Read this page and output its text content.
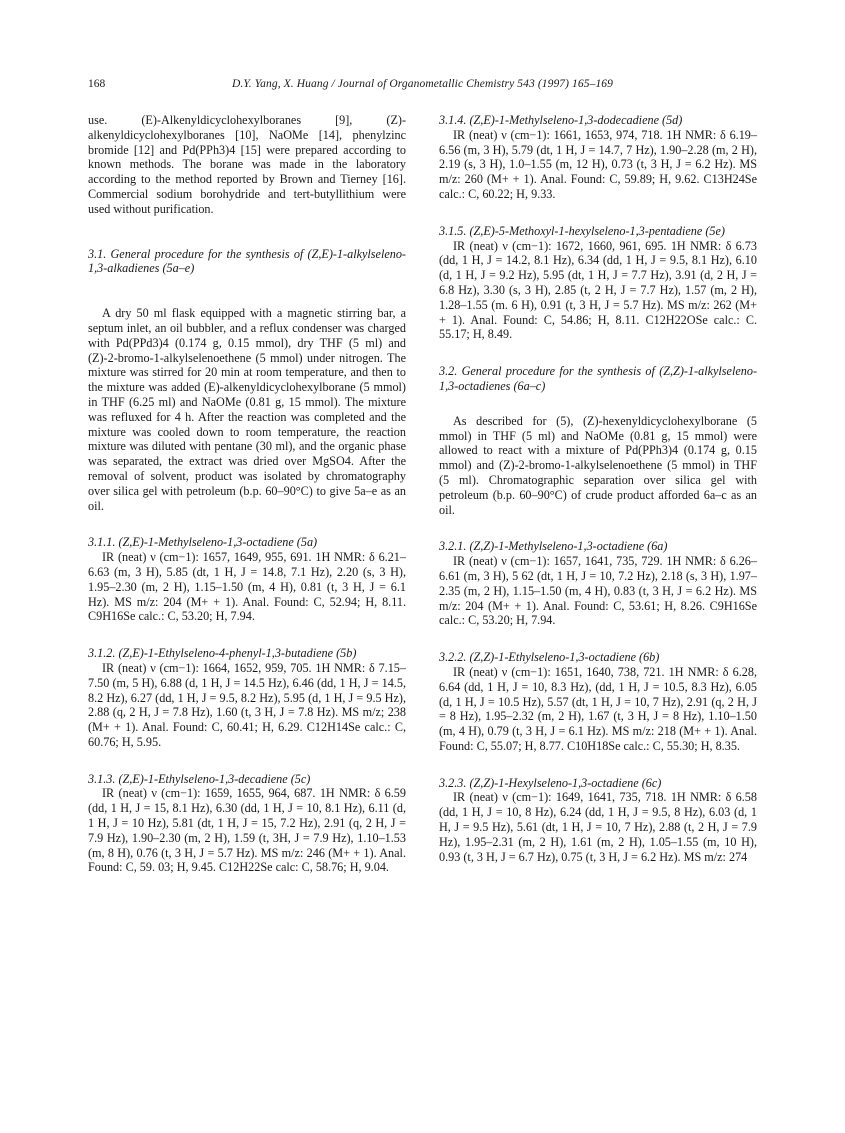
168	D.Y. Yang, X. Huang / Journal of Organometallic Chemistry 543 (1997) 165–169

use. (E)-Alkenyldicyclohexylboranes [9], (Z)-alkenyldicyclohexylboranes [10], NaOMe [14], phenylzinc bromide [12] and Pd(PPh3)4 [15] were prepared according to known methods. The borane was made in the laboratory according to the method reported by Brown and Tierney [16]. Commercial sodium borohydride and tert-butyllithium were used without purification.

3.1. General procedure for the synthesis of (Z,E)-1-alkylseleno-1,3-alkadienes (5a–e)

A dry 50 ml flask equipped with a magnetic stirring bar, a septum inlet, an oil bubbler, and a reflux condenser was charged with Pd(PPd3)4 (0.174 g, 0.15 mmol), dry THF (5 ml) and (Z)-2-bromo-1-alkylselenoethene (5 mmol) under nitrogen. The mixture was stirred for 20 min at room temperature, and then to the mixture was added (E)-alkenyldicyclohexylborane (5 mmol) in THF (6.25 ml) and NaOMe (0.81 g, 15 mmol). The mixture was refluxed for 4 h. After the reaction was completed and the mixture was cooled down to room temperature, the reaction mixture was diluted with pentane (30 ml), and the organic phase was separated, the extract was dried over MgSO4. After the removal of solvent, product was isolated by chromatography over silica gel with petroleum (b.p. 60–90°C) to give 5a–e as an oil.

3.1.1. (Z,E)-1-Methylseleno-1,3-octadiene (5a)

IR (neat) ν (cm−1): 1657, 1649, 955, 691. 1H NMR: δ 6.21–6.63 (m, 3 H), 5.85 (dt, 1 H, J = 14.8, 7.1 Hz), 2.20 (s, 3 H), 1.95–2.30 (m, 2 H), 1.15–1.50 (m, 4 H), 0.81 (t, 3 H, J = 6.1 Hz). MS m/z: 204 (M+ + 1). Anal. Found: C, 52.94; H, 8.11. C9H16Se calc.: C, 53.20; H, 7.94.

3.1.2. (Z,E)-1-Ethylseleno-4-phenyl-1,3-butadiene (5b)

IR (neat) ν (cm−1): 1664, 1652, 959, 705. 1H NMR: δ 7.15–7.50 (m, 5 H), 6.88 (d, 1 H, J = 14.5 Hz), 6.46 (dd, 1 H, J = 14.5, 8.2 Hz), 6.27 (dd, 1 H, J = 9.5, 8.2 Hz), 5.95 (d, 1 H, J = 9.5 Hz), 2.88 (q, 2 H, J = 7.8 Hz), 1.60 (t, 3 H, J = 7.8 Hz). MS m/z; 238 (M+ + 1). Anal. Found: C, 60.41; H, 6.29. C12H14Se calc.: C, 60.76; H, 5.95.

3.1.3. (Z,E)-1-Ethylseleno-1,3-decadiene (5c)

IR (neat) ν (cm−1): 1659, 1655, 964, 687. 1H NMR: δ 6.59 (dd, 1 H, J = 15, 8.1 Hz), 6.30 (dd, 1 H, J = 10, 8.1 Hz), 6.11 (d, 1 H, J = 10 Hz), 5.81 (dt, 1 H, J = 15, 7.2 Hz), 2.91 (q, 2 H, J = 7.9 Hz), 1.90–2.30 (m, 2 H), 1.59 (t, 3H, J = 7.9 Hz), 1.10–1.53 (m, 8 H), 0.76 (t, 3 H, J = 5.7 Hz). MS m/z: 246 (M+ + 1). Anal. Found: C, 59. 03; H, 9.45. C12H22Se calc: C, 58.76; H, 9.04.

3.1.4. (Z,E)-1-Methylseleno-1,3-dodecadiene (5d)

IR (neat) ν (cm−1): 1661, 1653, 974, 718. 1H NMR: δ 6.19–6.56 (m, 3 H), 5.79 (dt, 1 H, J = 14.7, 7 Hz), 1.90–2.28 (m, 2 H), 2.19 (s, 3 H), 1.0–1.55 (m, 12 H), 0.73 (t, 3 H, J = 6.2 Hz). MS m/z: 260 (M+ + 1). Anal. Found: C, 59.89; H, 9.62. C13H24Se calc.: C, 60.22; H, 9.33.

3.1.5. (Z,E)-5-Methoxyl-1-hexylseleno-1,3-pentadiene (5e)

IR (neat) ν (cm−1): 1672, 1660, 961, 695. 1H NMR: δ 6.73 (dd, 1 H, J = 14.2, 8.1 Hz), 6.34 (dd, 1 H, J = 9.5, 8.1 Hz), 6.10 (d, 1 H, J = 9.2 Hz), 5.95 (dt, 1 H, J = 7.7 Hz), 3.91 (d, 2 H, J = 6.8 Hz), 3.30 (s, 3 H), 2.85 (t, 2 H, J = 7.7 Hz), 1.57 (m, 2 H), 1.28–1.55 (m. 6 H), 0.91 (t, 3 H, J = 5.7 Hz). MS m/z: 262 (M+ + 1). Anal. Found: C, 54.86; H, 8.11. C12H22OSe calc.: C. 55.17; H, 8.49.

3.2. General procedure for the synthesis of (Z,Z)-1-alkylseleno-1,3-octadienes (6a–c)

As described for (5), (Z)-hexenyldicyclohexylborane (5 mmol) in THF (5 ml) and NaOMe (0.81 g, 15 mmol) were allowed to react with a mixture of Pd(PPh3)4 (0.174 g, 0.15 mmol) and (Z)-2-bromo-1-alkylselenoethene (5 mmol) in THF (5 ml). Chromatographic separation over silica gel with petroleum (b.p. 60–90°C) of crude product afforded 6a–c as an oil.

3.2.1. (Z,Z)-1-Methylseleno-1,3-octadiene (6a)

IR (neat) ν (cm−1): 1657, 1641, 735, 729. 1H NMR: δ 6.26–6.61 (m, 3 H), 5 62 (dt, 1 H, J = 10, 7.2 Hz), 2.18 (s, 3 H), 1.97–2.35 (m, 2 H), 1.15–1.50 (m, 4 H), 0.83 (t, 3 H, J = 6.2 Hz). MS m/z: 204 (M+ + 1). Anal. Found: C, 53.61; H, 8.26. C9H16Se calc.: C, 53.20; H, 7.94.

3.2.2. (Z,Z)-1-Ethylseleno-1,3-octadiene (6b)

IR (neat) ν (cm−1): 1651, 1640, 738, 721. 1H NMR: δ 6.28, 6.64 (dd, 1 H, J = 10, 8.3 Hz), (dd, 1 H, J = 10.5, 8.3 Hz), 6.05 (d, 1 H, J = 10.5 Hz), 5.57 (dt, 1 H, J = 10, 7 Hz), 2.91 (q, 2 H, J = 8 Hz), 1.95–2.32 (m, 2 H), 1.67 (t, 3 H, J = 8 Hz), 1.10–1.50 (m, 4 H), 0.79 (t, 3 H, J = 6.1 Hz). MS m/z: 218 (M+ + 1). Anal. Found: C, 55.07; H, 8.77. C10H18Se calc.: C, 55.30; H, 8.35.

3.2.3. (Z,Z)-1-Hexylseleno-1,3-octadiene (6c)

IR (neat) ν (cm−1): 1649, 1641, 735, 718. 1H NMR: δ 6.58 (dd, 1 H, J = 10, 8 Hz), 6.24 (dd, 1 H, J = 9.5, 8 Hz), 6.03 (d, 1 H, J = 9.5 Hz), 5.61 (dt, 1 H, J = 10, 7 Hz), 2.88 (t, 2 H, J = 7.9 Hz), 1.95–2.31 (m, 2 H), 1.61 (m, 2 H), 1.05–1.55 (m, 10 H), 0.93 (t, 3 H, J = 6.7 Hz), 0.75 (t, 3 H, J = 6.2 Hz). MS m/z: 274
